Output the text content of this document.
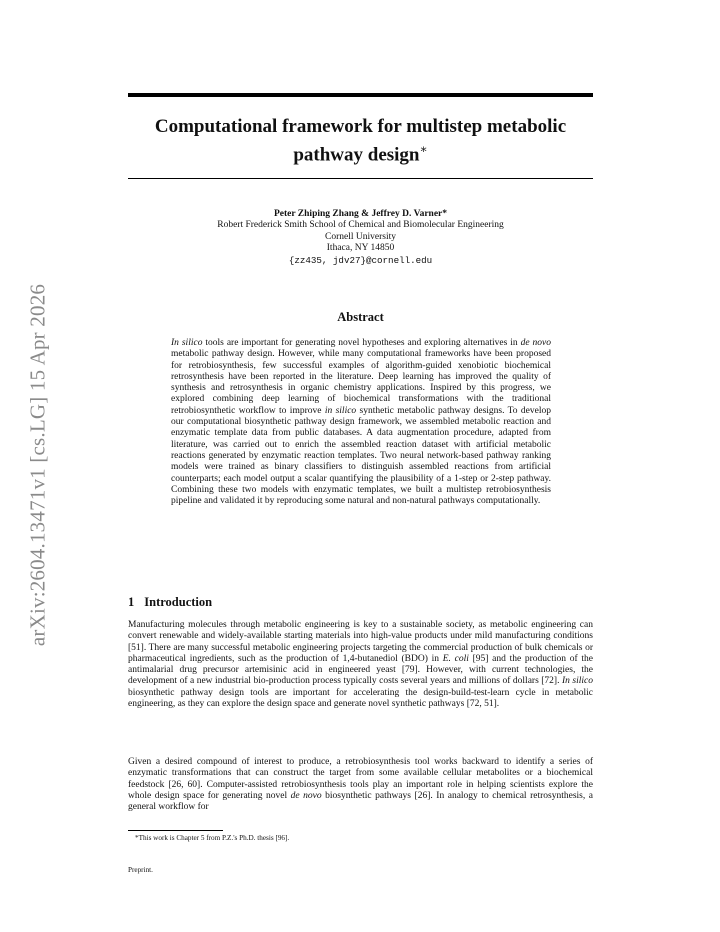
arXiv:2604.13471v1 [cs.LG] 15 Apr 2026
Computational framework for multistep metabolic pathway design∗
Peter Zhiping Zhang & Jeffrey D. Varner*
Robert Frederick Smith School of Chemical and Biomolecular Engineering
Cornell University
Ithaca, NY 14850
{zz435, jdv27}@cornell.edu
Abstract
In silico tools are important for generating novel hypotheses and exploring alternatives in de novo metabolic pathway design. However, while many computational frameworks have been proposed for retrobiosynthesis, few successful examples of algorithm-guided xenobiotic biochemical retrosynthesis have been reported in the literature. Deep learning has improved the quality of synthesis and retrosynthesis in organic chemistry applications. Inspired by this progress, we explored combining deep learning of biochemical transformations with the traditional retrobiosynthetic workflow to improve in silico synthetic metabolic pathway designs. To develop our computational biosynthetic pathway design framework, we assembled metabolic reaction and enzymatic template data from public databases. A data augmentation procedure, adapted from literature, was carried out to enrich the assembled reaction dataset with artificial metabolic reactions generated by enzymatic reaction templates. Two neural network-based pathway ranking models were trained as binary classifiers to distinguish assembled reactions from artificial counterparts; each model output a scalar quantifying the plausibility of a 1-step or 2-step pathway. Combining these two models with enzymatic templates, we built a multistep retrobiosynthesis pipeline and validated it by reproducing some natural and non-natural pathways computationally.
1 Introduction
Manufacturing molecules through metabolic engineering is key to a sustainable society, as metabolic engineering can convert renewable and widely-available starting materials into high-value products under mild manufacturing conditions [51]. There are many successful metabolic engineering projects targeting the commercial production of bulk chemicals or pharmaceutical ingredients, such as the production of 1,4-butanediol (BDO) in E. coli [95] and the production of the antimalarial drug precursor artemisinic acid in engineered yeast [79]. However, with current technologies, the development of a new industrial bio-production process typically costs several years and millions of dollars [72]. In silico biosynthetic pathway design tools are important for accelerating the design-build-test-learn cycle in metabolic engineering, as they can explore the design space and generate novel synthetic pathways [72, 51].
Given a desired compound of interest to produce, a retrobiosynthesis tool works backward to identify a series of enzymatic transformations that can construct the target from some available cellular metabolites or a biochemical feedstock [26, 60]. Computer-assisted retrobiosynthesis tools play an important role in helping scientists explore the whole design space for generating novel de novo biosynthetic pathways [26]. In analogy to chemical retrosynthesis, a general workflow for
*This work is Chapter 5 from P.Z.'s Ph.D. thesis [96].
Preprint.
